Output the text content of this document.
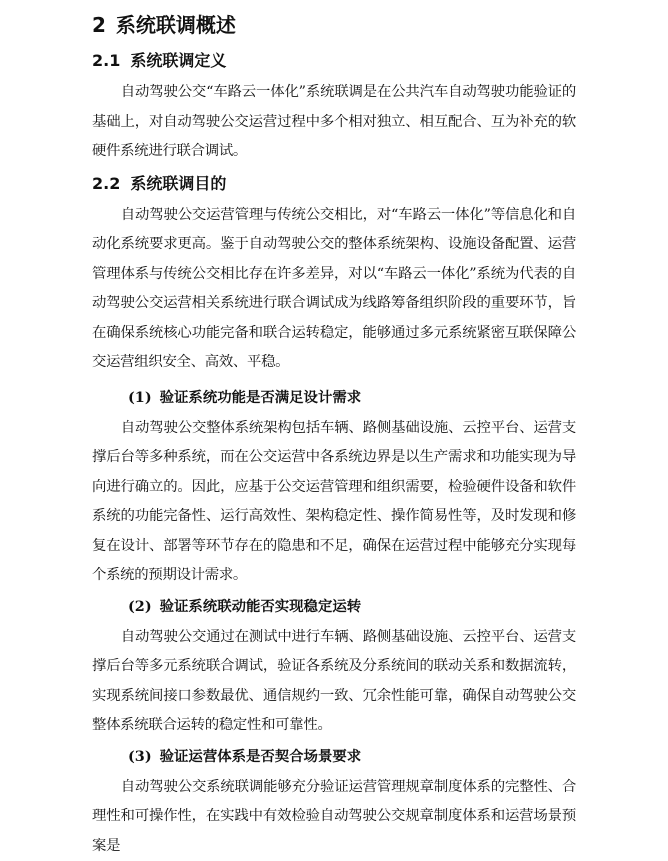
2 系统联调概述
2.1 系统联调定义

自动驾驶公交“车路云一体化”系统联调是在公共汽车自动驾驶功能验证的基础上，对自动驾驶公交运营过程中多个相对独立、相互配合、互为补充的软硬件系统进行联合调试。

2.2 系统联调目的

自动驾驶公交运营管理与传统公交相比，对“车路云一体化”等信息化和自动化系统要求更高。鉴于自动驾驶公交的整体系统架构、设施设备配置、运营管理体系与传统公交相比存在许多差异，对以“车路云一体化”系统为代表的自动驾驶公交运营相关系统进行联合调试成为线路筹备组织阶段的重要环节，旨在确保系统核心功能完备和联合运转稳定，能够通过多元系统紧密互联保障公交运营组织安全、高效、平稳。

(1) 验证系统功能是否满足设计需求

自动驾驶公交整体系统架构包括车辆、路侧基础设施、云控平台、运营支撑后台等多种系统，而在公交运营中各系统边界是以生产需求和功能实现为导向进行确立的。因此，应基于公交运营管理和组织需要，检验硬件设备和软件系统的功能完备性、运行高效性、架构稳定性、操作简易性等，及时发现和修复在设计、部署等环节存在的隐患和不足，确保在运营过程中能够充分实现每个系统的预期设计需求。

(2) 验证系统联动能否实现稳定运转

自动驾驶公交通过在测试中进行车辆、路侧基础设施、云控平台、运营支撑后台等多元系统联合调试，验证各系统及分系统间的联动关系和数据流转，实现系统间接口参数最优、通信规约一致、冗余性能可靠，确保自动驾驶公交整体系统联合运转的稳定性和可靠性。

(3) 验证运营体系是否契合场景要求

自动驾驶公交系统联调能够充分验证运营管理规章制度体系的完整性、合理性和可操作性，在实践中有效检验自动驾驶公交规章制度体系和运营场景预案是
